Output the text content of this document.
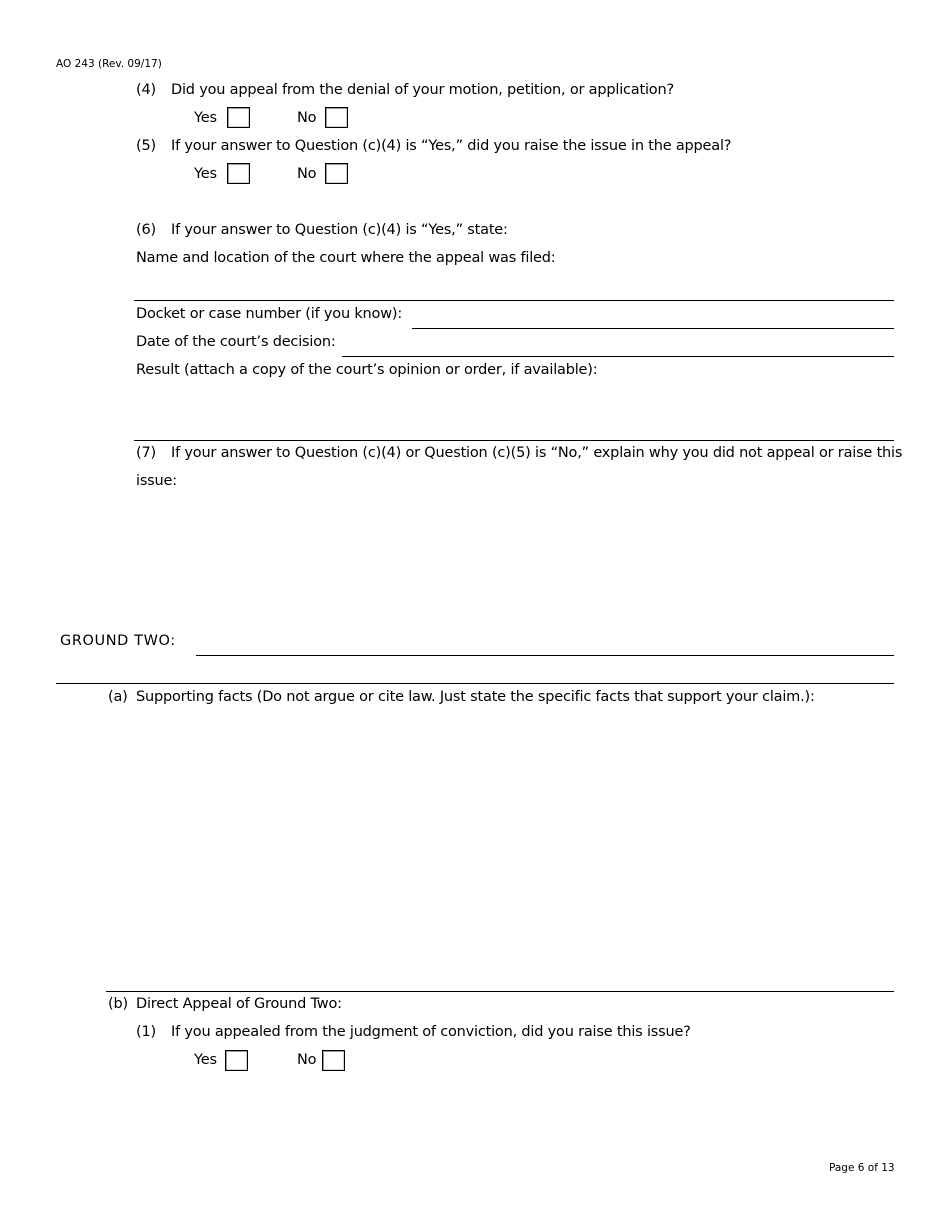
AO 243 (Rev. 09/17)
(4) Did you appeal from the denial of your motion, petition, or application?
Yes	No
(5) If your answer to Question (c)(4) is “Yes,” did you raise the issue in the appeal?
Yes	No
(6) If your answer to Question (c)(4) is “Yes,” state:
Name and location of the court where the appeal was filed:
Docket or case number (if you know):
Date of the court’s decision:
Result (attach a copy of the court’s opinion or order, if available):
(7) If your answer to Question (c)(4) or Question (c)(5) is “No,” explain why you did not appeal or raise this
issue:
GROUND TWO:
(a) Supporting facts (Do not argue or cite law. Just state the specific facts that support your claim.):
(b) Direct Appeal of Ground Two:
(1) If you appealed from the judgment of conviction, did you raise this issue?
Yes	No
Page 6 of 13
